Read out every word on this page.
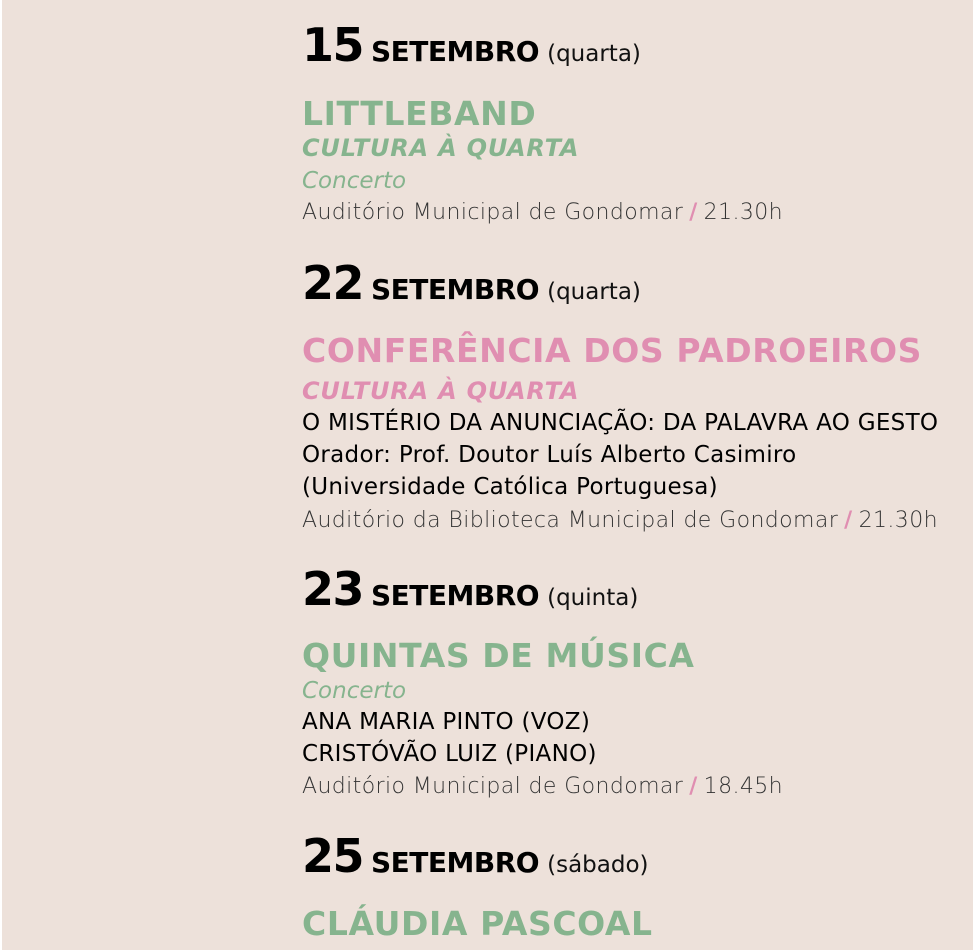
15 SETEMBRO (quarta)
LITTLEBAND
CULTURA À QUARTA
Concerto
Auditório Municipal de Gondomar / 21.30h
22 SETEMBRO (quarta)
CONFERÊNCIA DOS PADROEIROS
CULTURA À QUARTA
O MISTÉRIO DA ANUNCIAÇÃO: DA PALAVRA AO GESTO
Orador: Prof. Doutor Luís Alberto Casimiro
(Universidade Católica Portuguesa)
Auditório da Biblioteca Municipal de Gondomar / 21.30h
23 SETEMBRO (quinta)
QUINTAS DE MÚSICA
Concerto
ANA MARIA PINTO (VOZ)
CRISTÓVÃO LUIZ (PIANO)
Auditório Municipal de Gondomar / 18.45h
25 SETEMBRO (sábado)
CLÁUDIA PASCOAL
